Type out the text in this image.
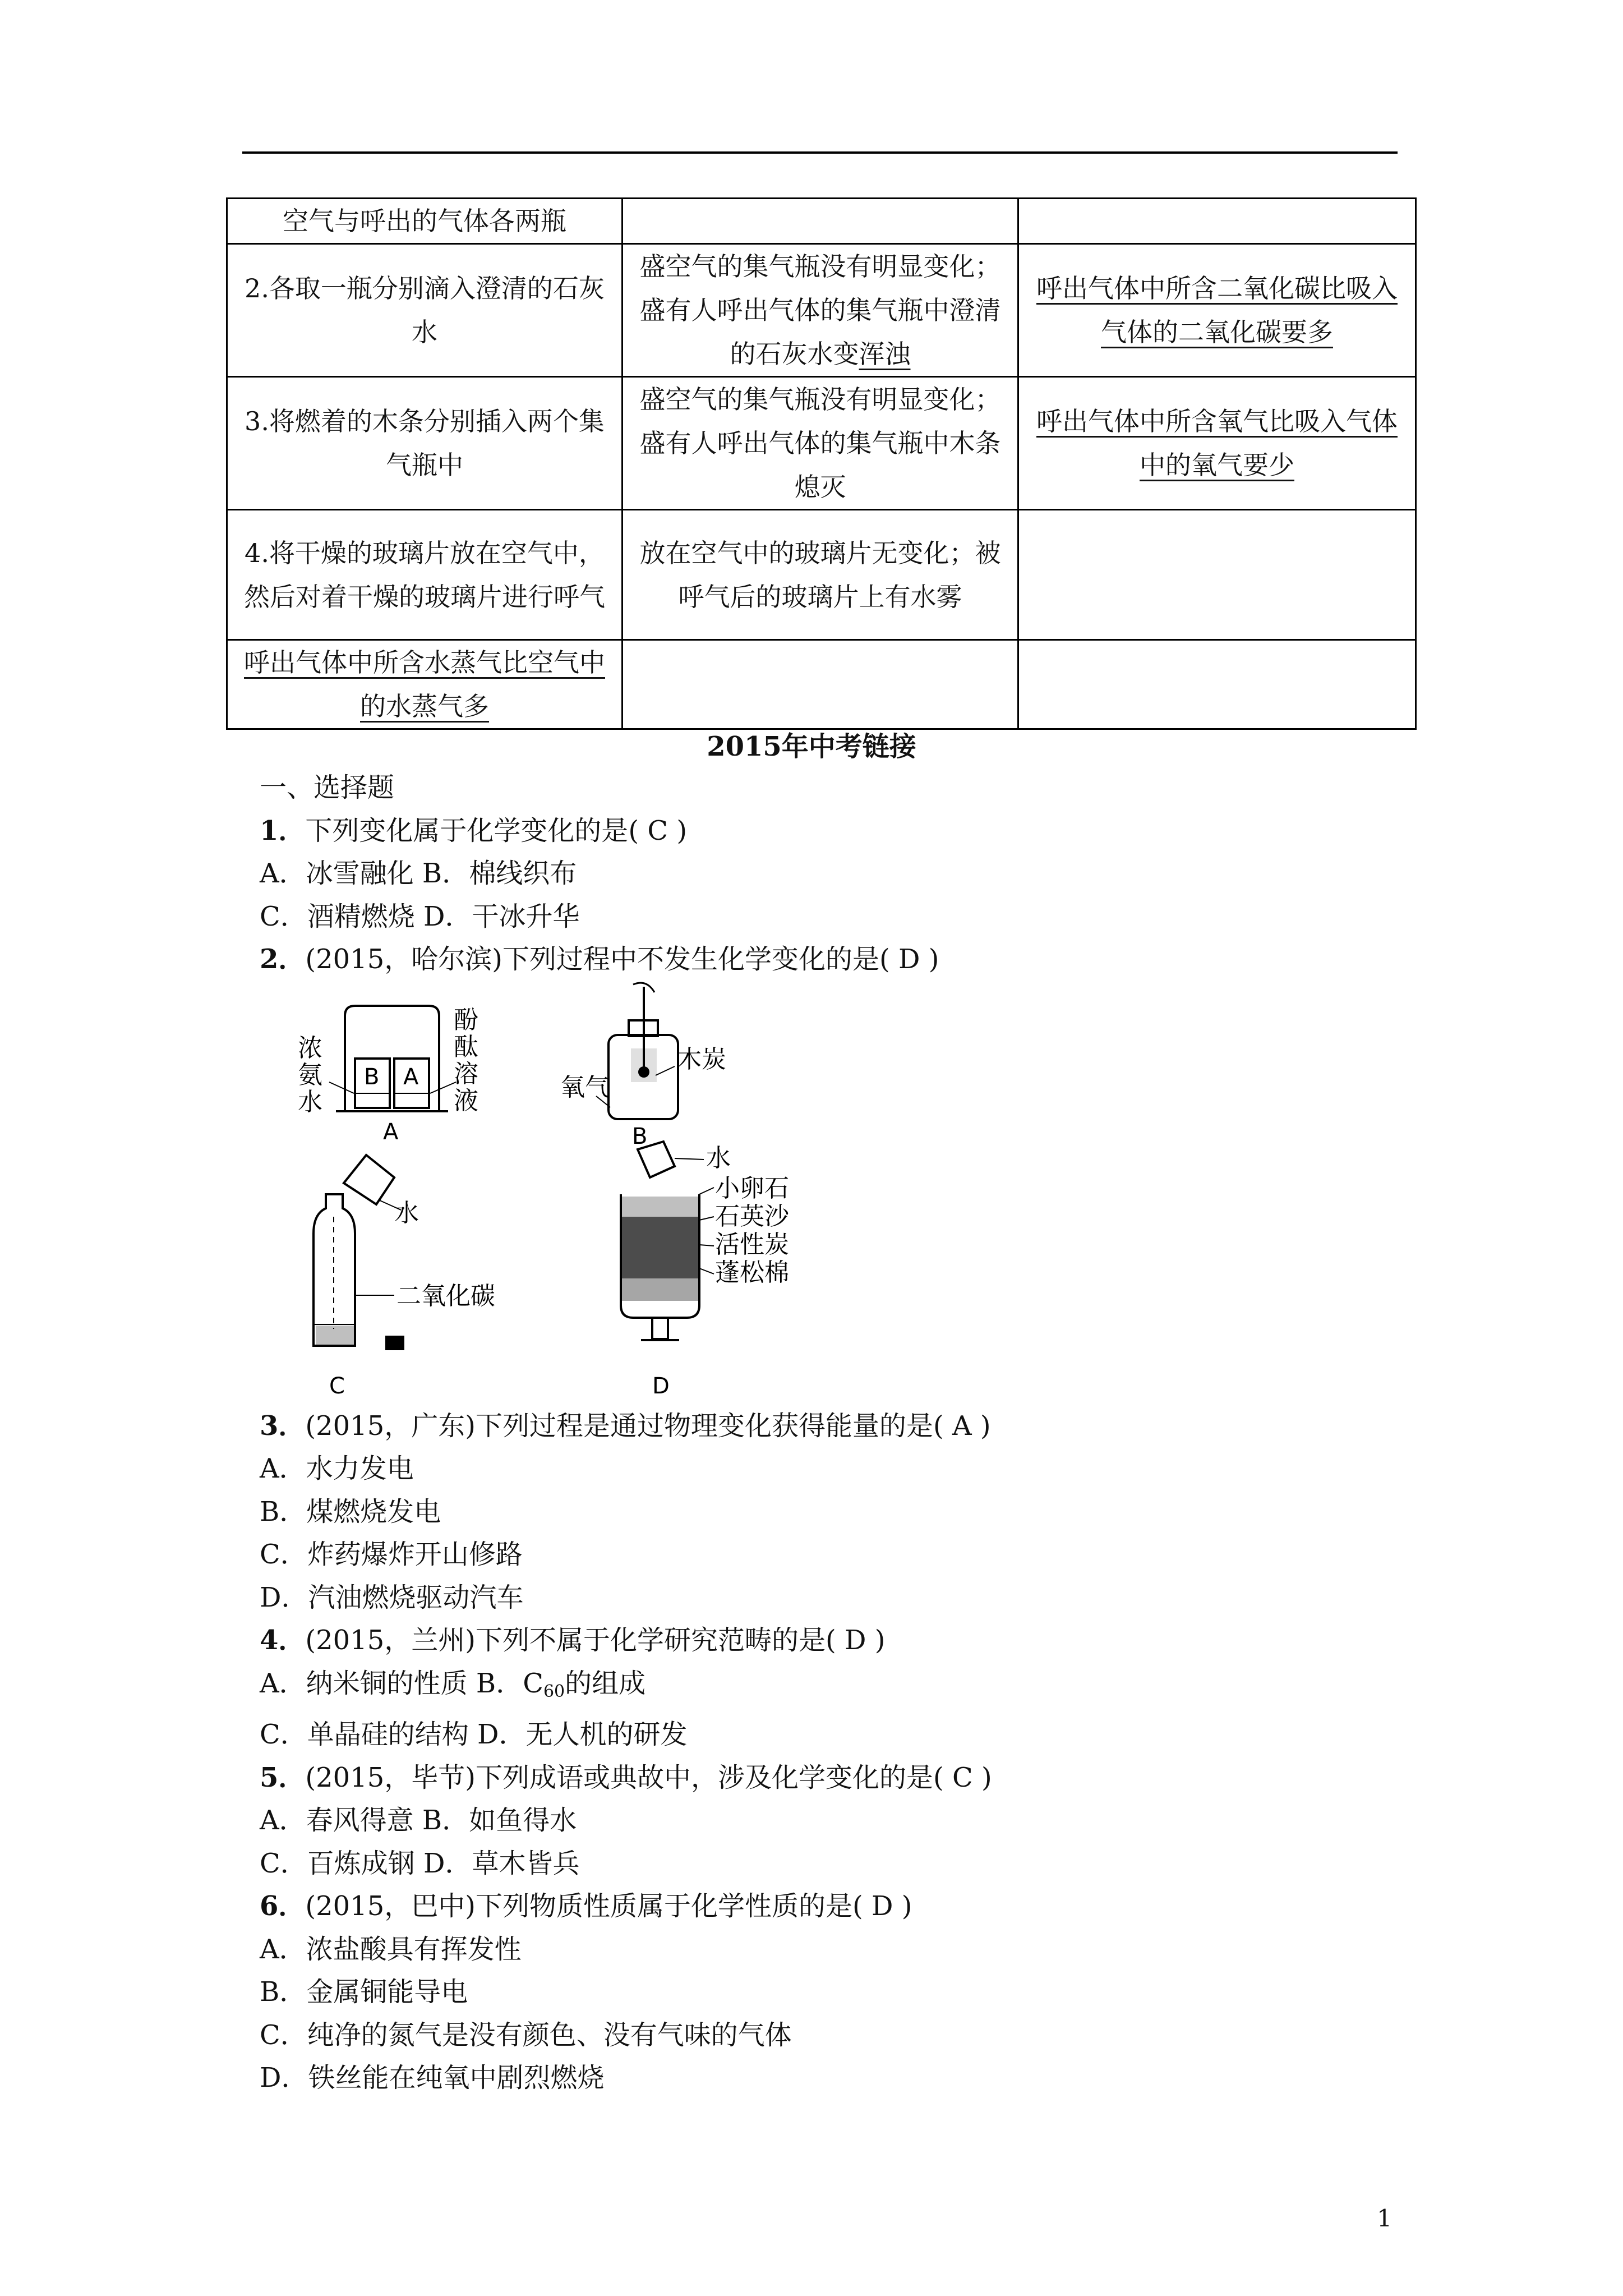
空气与呼出的气体各两瓶		
2.各取一瓶分别滴入澄清的石灰水	盛空气的集气瓶没有明显变化；盛有人呼出气体的集气瓶中澄清的石灰水变浑浊	呼出气体中所含二氧化碳比吸入气体的二氧化碳要多
3.将燃着的木条分别插入两个集气瓶中	盛空气的集气瓶没有明显变化；盛有人呼出气体的集气瓶中木条熄灭	呼出气体中所含氧气比吸入气体中的氧气要少
4.将干燥的玻璃片放在空气中，然后对着干燥的玻璃片进行呼气	放在空气中的玻璃片无变化；被呼气后的玻璃片上有水雾	
呼出气体中所含水蒸气比空气中的水蒸气多		
2015年中考链接

一、选择题

1．下列变化属于化学变化的是( C )

A．冰雪融化 B．棉线织布

C．酒精燃烧 D．干冰升华

2．(2015，哈尔滨)下列过程中不发生化学变化的是( D )

浓
氨
水
酚
酞
溶
液
B A
A
木炭
氧气
B
水
二氧化碳
C
水
小卵石
石英沙
活性炭
蓬松棉
D

3．(2015，广东)下列过程是通过物理变化获得能量的是( A )

A．水力发电

B．煤燃烧发电

C．炸药爆炸开山修路

D．汽油燃烧驱动汽车

4．(2015，兰州)下列不属于化学研究范畴的是( D )

A．纳米铜的性质 B．$C_{60}$的组成

C．单晶硅的结构 D．无人机的研发

5．(2015，毕节)下列成语或典故中，涉及化学变化的是( C )

A．春风得意 B．如鱼得水

C．百炼成钢 D．草木皆兵

6．(2015，巴中)下列物质性质属于化学性质的是( D )

A．浓盐酸具有挥发性

B．金属铜能导电

C．纯净的氮气是没有颜色、没有气味的气体

D．铁丝能在纯氧中剧烈燃烧

1
